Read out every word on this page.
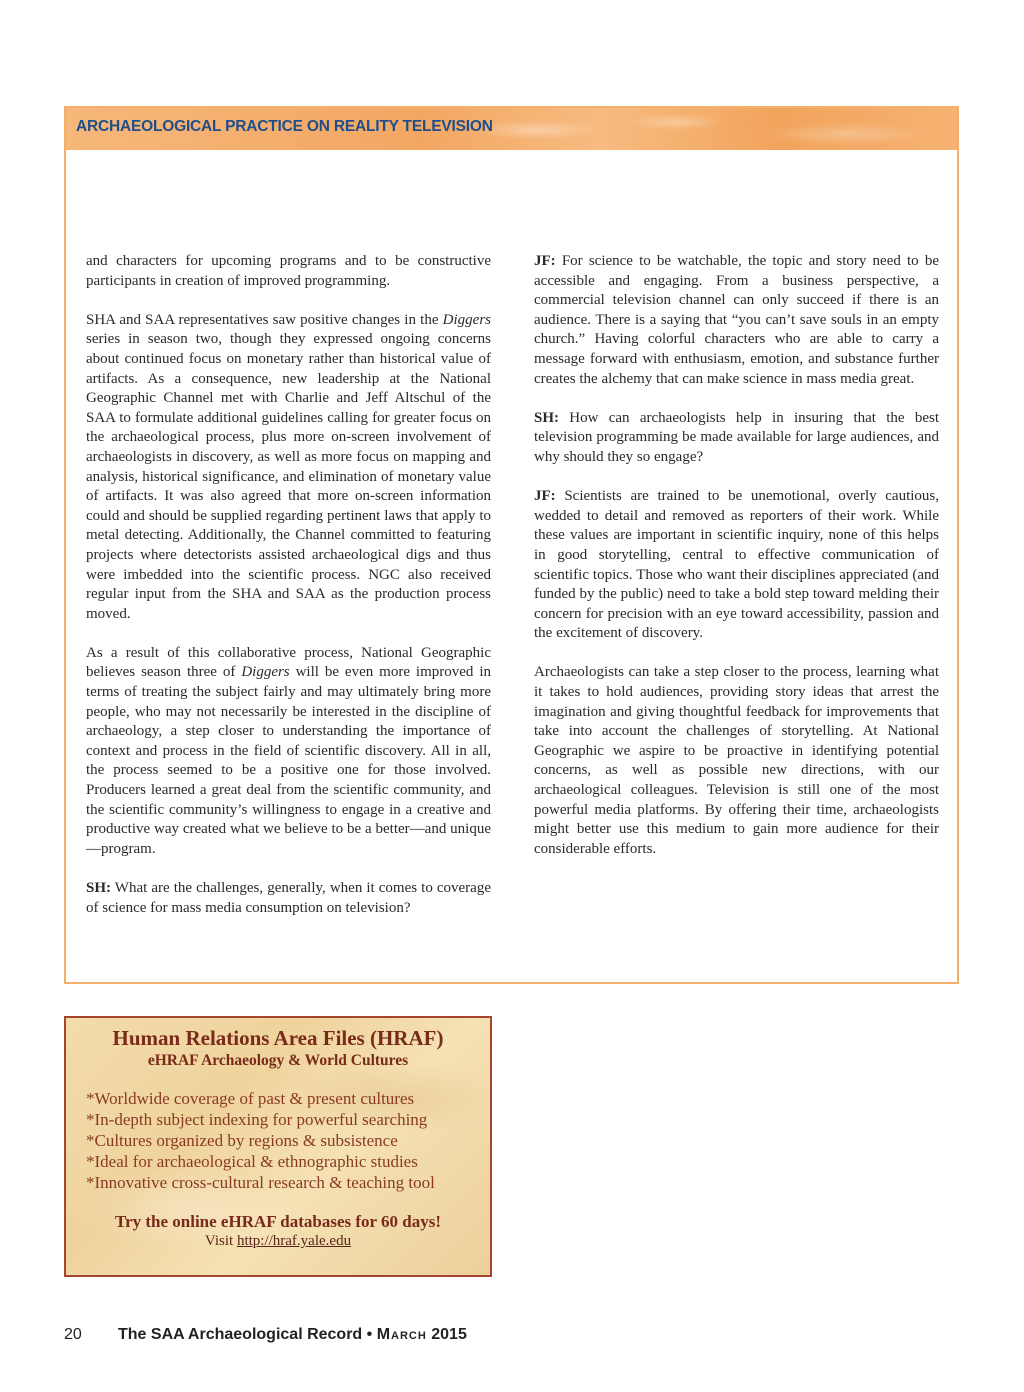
ARCHAEOLOGICAL PRACTICE ON REALITY TELEVISION

and characters for upcoming programs and to be constructive participants in creation of improved programming.

SHA and SAA representatives saw positive changes in the Diggers series in season two, though they expressed ongoing concerns about continued focus on monetary rather than historical value of artifacts. As a consequence, new leadership at the National Geographic Channel met with Charlie and Jeff Altschul of the SAA to formulate additional guidelines calling for greater focus on the archaeological process, plus more on-screen involvement of archaeologists in discovery, as well as more focus on mapping and analysis, historical significance, and elimination of monetary value of artifacts. It was also agreed that more on-screen information could and should be supplied regarding pertinent laws that apply to metal detecting. Additionally, the Channel committed to featuring projects where detectorists assisted archaeological digs and thus were imbedded into the scientific process. NGC also received regular input from the SHA and SAA as the production process moved.

As a result of this collaborative process, National Geographic believes season three of Diggers will be even more improved in terms of treating the subject fairly and may ultimately bring more people, who may not necessarily be interested in the discipline of archaeology, a step closer to understanding the importance of context and process in the field of scientific discovery. All in all, the process seemed to be a positive one for those involved. Producers learned a great deal from the scientific community, and the scientific community’s willingness to engage in a creative and productive way created what we believe to be a better—and unique—program.

SH: What are the challenges, generally, when it comes to coverage of science for mass media consumption on television?

JF: For science to be watchable, the topic and story need to be accessible and engaging. From a business perspective, a commercial television channel can only succeed if there is an audience. There is a saying that “you can’t save souls in an empty church.” Having colorful characters who are able to carry a message forward with enthusiasm, emotion, and substance further creates the alchemy that can make science in mass media great.

SH: How can archaeologists help in insuring that the best television programming be made available for large audiences, and why should they so engage?

JF: Scientists are trained to be unemotional, overly cautious, wedded to detail and removed as reporters of their work. While these values are important in scientific inquiry, none of this helps in good storytelling, central to effective communication of scientific topics. Those who want their disciplines appreciated (and funded by the public) need to take a bold step toward melding their concern for precision with an eye toward accessibility, passion and the excitement of discovery.

Archaeologists can take a step closer to the process, learning what it takes to hold audiences, providing story ideas that arrest the imagination and giving thoughtful feedback for improvements that take into account the challenges of storytelling. At National Geographic we aspire to be proactive in identifying potential concerns, as well as possible new directions, with our archaeological colleagues. Television is still one of the most powerful media platforms. By offering their time, archaeologists might better use this medium to gain more audience for their considerable efforts.

Human Relations Area Files (HRAF)
eHRAF Archaeology & World Cultures
*Worldwide coverage of past & present cultures
*In-depth subject indexing for powerful searching
*Cultures organized by regions & subsistence
*Ideal for archaeological & ethnographic studies
*Innovative cross-cultural research & teaching tool
Try the online eHRAF databases for 60 days!
Visit http://hraf.yale.edu
20 The SAA Archaeological Record • March 2015
